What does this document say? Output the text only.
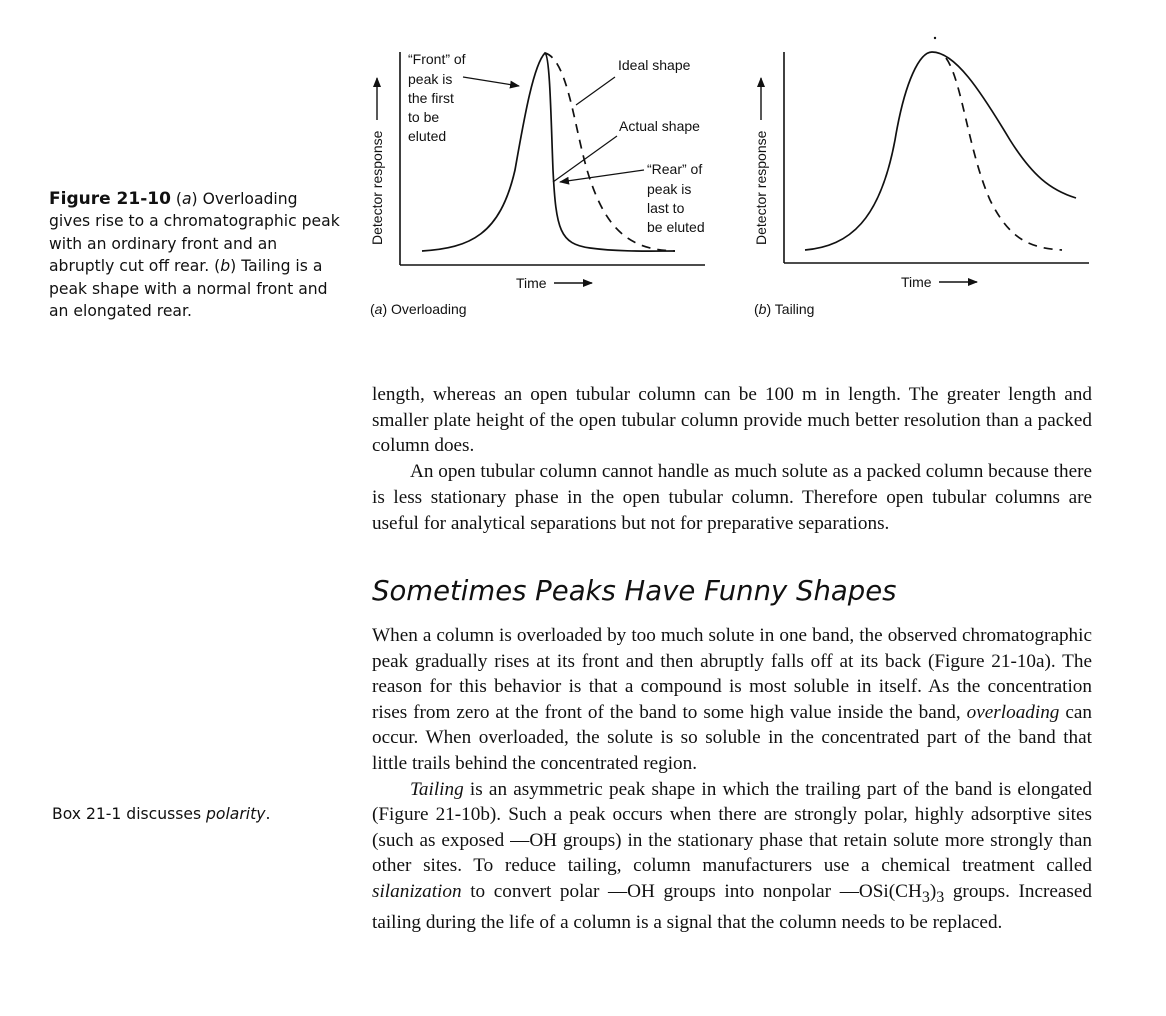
Figure 21-10 (a) Overloading gives rise to a chromatographic peak with an ordinary front and an abruptly cut off rear. (b) Tailing is a peak shape with a normal front and an elongated rear.
Detector response
Time
“Front” of peak is the first to be eluted
Ideal shape
Actual shape
“Rear” of peak is last to be eluted
(a) Overloading
Detector response
Time
(b) Tailing

length, whereas an open tubular column can be 100 m in length. The greater length and smaller plate height of the open tubular column provide much better resolution than a packed column does.

An open tubular column cannot handle as much solute as a packed column because there is less stationary phase in the open tubular column. Therefore open tubular columns are useful for analytical separations but not for preparative separations.

Sometimes Peaks Have Funny Shapes

When a column is overloaded by too much solute in one band, the observed chromatographic peak gradually rises at its front and then abruptly falls off at its back (Figure 21-10a). The reason for this behavior is that a compound is most soluble in itself. As the concentration rises from zero at the front of the band to some high value inside the band, overloading can occur. When overloaded, the solute is so soluble in the concentrated part of the band that little trails behind the concentrated region.

Tailing is an asymmetric peak shape in which the trailing part of the band is elongated (Figure 21-10b). Such a peak occurs when there are strongly polar, highly adsorptive sites (such as exposed —OH groups) in the stationary phase that retain solute more strongly than other sites. To reduce tailing, column manufacturers use a chemical treatment called silanization to convert polar —OH groups into nonpolar $—OSi(CH_3)_3$ groups. Increased tailing during the life of a column is a signal that the column needs to be replaced.

Box 21-1 discusses polarity.
